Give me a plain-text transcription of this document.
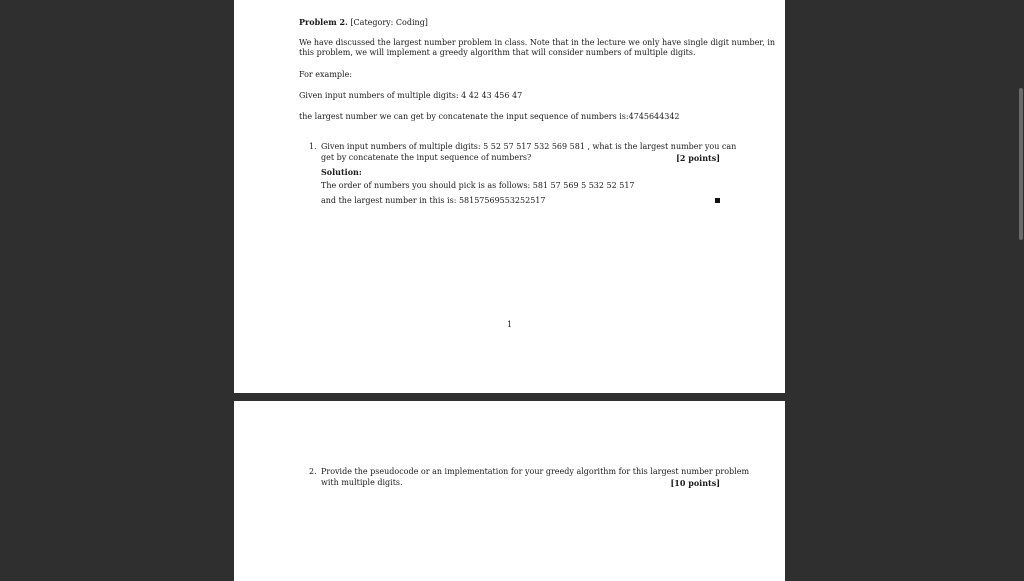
Problem 2. [Category: Coding]
We have discussed the largest number problem in class. Note that in the lecture we only have single digit number, in this problem, we will implement a greedy algorithm that will consider numbers of multiple digits.
For example:
Given input numbers of multiple digits: 4 42 43 456 47
the largest number we can get by concatenate the input sequence of numbers is:4745644342
1. Given input numbers of multiple digits: 5 52 57 517 532 569 581 , what is the largest number you can
get by concatenate the input sequence of numbers?	[2 points]
Solution:
The order of numbers you should pick is as follows: 581 57 569 5 532 52 517
and the largest number in this is: 5815756955325251​7
1
2. Provide the pseudocode or an implementation for your greedy algorithm for this largest number problem
with multiple digits.	[10 points]
